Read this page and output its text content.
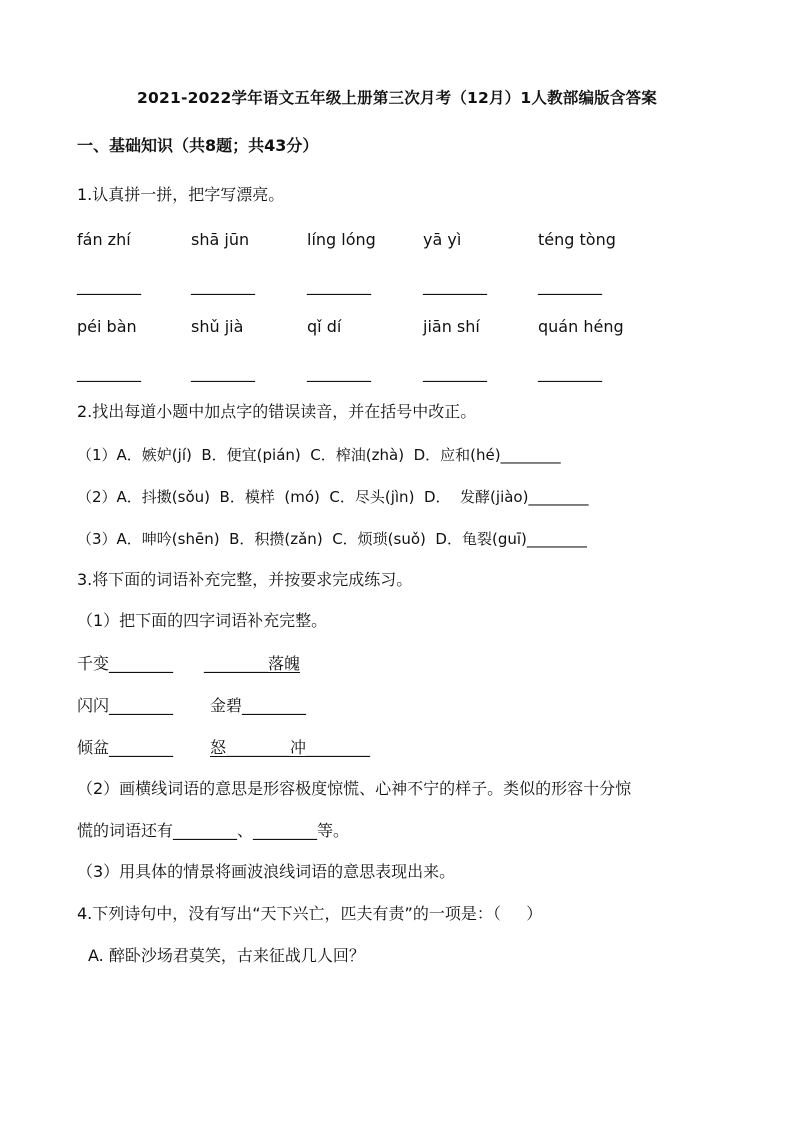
2021-2022学年语文五年级上册第三次月考（12月）1人教部编版含答案
一、基础知识（共8题；共43分）
1.认真拼一拼，把字写漂亮。
fán zhí	shā jūn	líng lóng	yā yì	téng tòng
________	________	________	________	________
péi bàn	shǔ jià	qǐ dí	jiān shí	quán héng
________	________	________	________	________
2.找出每道小题中加点字的错误读音，并在括号中改正。
（1）A．嫉妒(jí)  B．便宜(pián)  C．榨油(zhà)  D．应和(hé)________
（2）A．抖擞(sǒu)  B．模样  (mó)  C．尽头(jìn)  D．  发酵(jiào)________
（3）A．呻吟(shēn)  B．积攒(zǎn)  C．烦琐(suǒ)  D．龟裂(guī)________
3.将下面的词语补充完整，并按要求完成练习。
（1）把下面的四字词语补充完整。
千变________ ________落魄
闪闪________ 金碧________
倾盆________ 怒________冲________
（2）画横线词语的意思是形容极度惊慌、心神不宁的样子。类似的形容十分惊
慌的词语还有________、________等。
（3）用具体的情景将画波浪线词语的意思表现出来。
4.下列诗句中，没有写出“天下兴亡，匹夫有责”的一项是：（     ）
A. 醉卧沙场君莫笑，古来征战几人回？
